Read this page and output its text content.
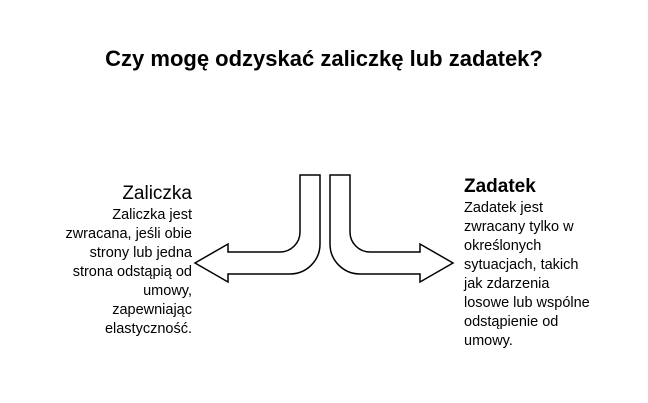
Czy mogę odzyskać zaliczkę lub zadatek?
Zaliczka
Zaliczka jest
zwracana, jeśli obie
strony lub jedna
strona odstąpią od
umowy,
zapewniając
elastyczność.
Zadatek
Zadatek jest
zwracany tylko w
określonych
sytuacjach, takich
jak zdarzenia
losowe lub wspólne
odstąpienie od
umowy.
